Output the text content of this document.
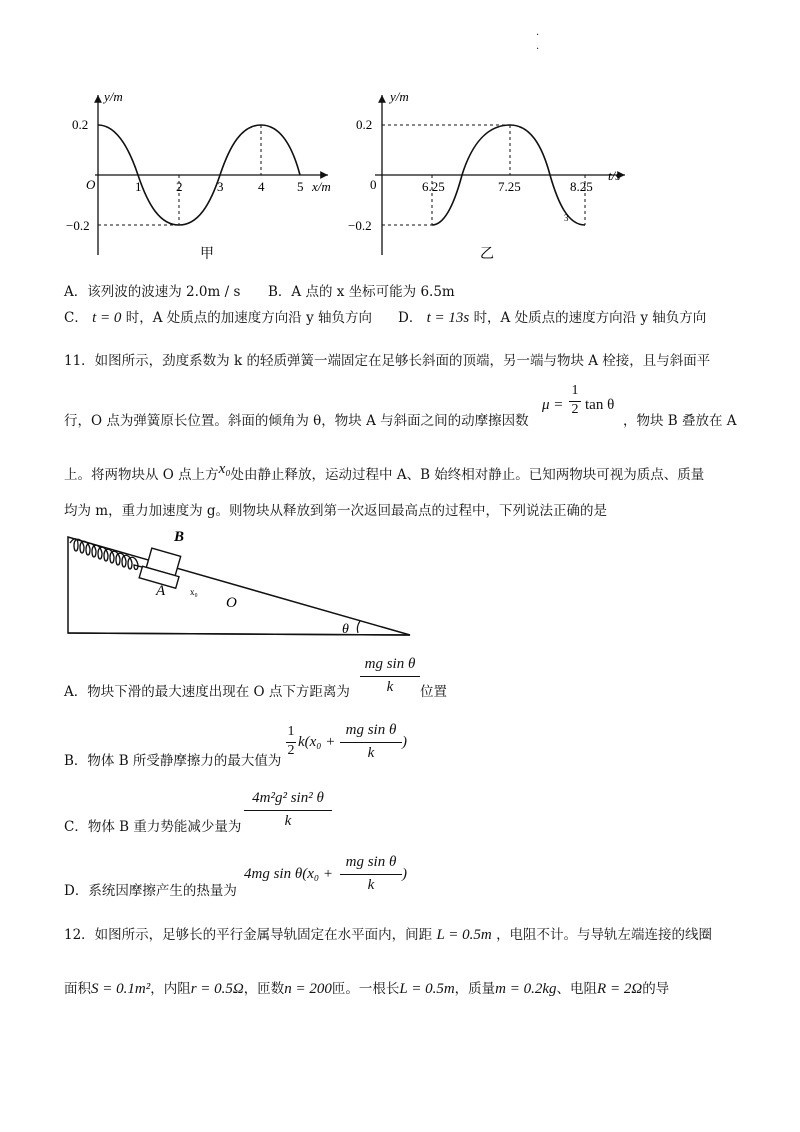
.
.
y/m
x/m
O
0.2
−0.2
1	2	3	4	5
甲
y/m
t/s
0
0.2
−0.2
6.25	7.25	8.25
3
乙
A．该列波的波速为 2.0m / s B．A 点的 x 坐标可能为 6.5m
C． t = 0 时，A 处质点的加速度方向沿 y 轴负方向 D． t = 13s 时，A 处质点的速度方向沿 y 轴负方向
11．如图所示，劲度系数为 k 的轻质弹簧一端固定在足够长斜面的顶端，另一端与物块 A 栓接，且与斜面平
行，O 点为弹簧原长位置。斜面的倾角为 θ，物块 A 与斜面之间的动摩擦因数
$\mu = \frac{1}{2}$ tan θ
，物块 B 叠放在 A
上。将两物块从 O 点上方x₀处由静止释放，运动过程中 A、B 始终相对静止。已知两物块可视为质点、质量
均为 m，重力加速度为 g。则物块从释放到第一次返回最高点的过程中，下列说法正确的是
B
A	x₀
O
θ
A．物块下滑的最大速度出现在 O 点下方距离为 $\frac{\text{mg sin θ}}{k}$ 位置
B．物体 B 所受静摩擦力的最大值为
$\frac{1}{2} k(x_0 + \frac{\text{mg sin θ}}{k}$ )
C．物体 B 重力势能减少量为 $\frac{\text{4m²g² sin² θ}}{k}$
D．系统因摩擦产生的热量为
4mg $\sin \theta(x_0 + \frac{\text{mg sin θ}}{k}$ )
12．如图所示，足够长的平行金属导轨固定在水平面内，间距 L = 0.5m ，电阻不计。与导轨左端连接的线圈
面积S = 0.1m²，内阻r = 0.5Ω，匝数n = 200匝。一根长L = 0.5m，质量m = 0.2kg、电阻R = 2Ω的导
